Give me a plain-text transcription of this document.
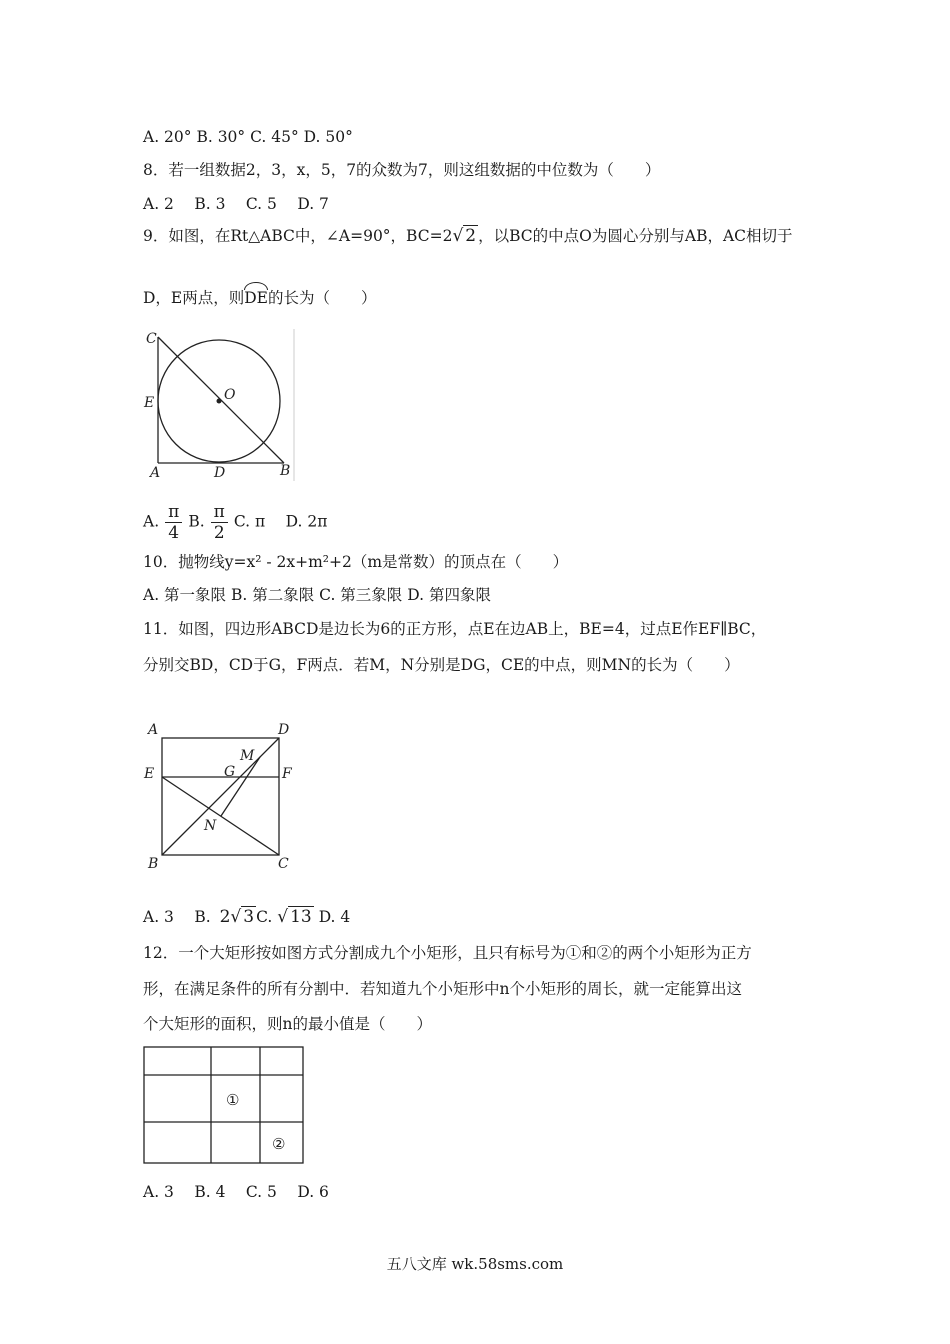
A. 20° B. 30° C. 45° D. 50°
8．若一组数据2，3，x，5，7的众数为7，则这组数据的中位数为（　　）
A. 2　 B. 3　 C. 5　 D. 7
9．如图，在Rt△ABC中，∠A=90°，BC=2√ 2 ，以BC的中点O为圆心分别与AB，AC相切于
D，E两点，则DE的长为（　　）
C
E	O
A	D	B
A. $\frac{\pi}{4} B$. $\frac{\pi}{2} C$. π　 D. 2π
10．抛物线y=x² - 2x+m²+2（m是常数）的顶点在（　　）
A. 第一象限 B. 第二象限 C. 第三象限 D. 第四象限
11．如图，四边形ABCD是边长为6的正方形，点E在边AB上，BE=4，过点E作EF∥BC，
分别交BD，CD于G，F两点．若M，N分别是DG，CE的中点，则MN的长为（　　）
A	D
M
E	G	F
N
B	C
A. 3　 B. 2√ 3 C. √ 13 D. 4
12．一个大矩形按如图方式分割成九个小矩形，且只有标号为①和②的两个小矩形为正方
形，在满足条件的所有分割中．若知道九个小矩形中n个小矩形的周长，就一定能算出这
个大矩形的面积，则n的最小值是（　　）
①
②
A. 3　 B. 4　 C. 5　 D. 6
五八文库 wk.58sms.com
